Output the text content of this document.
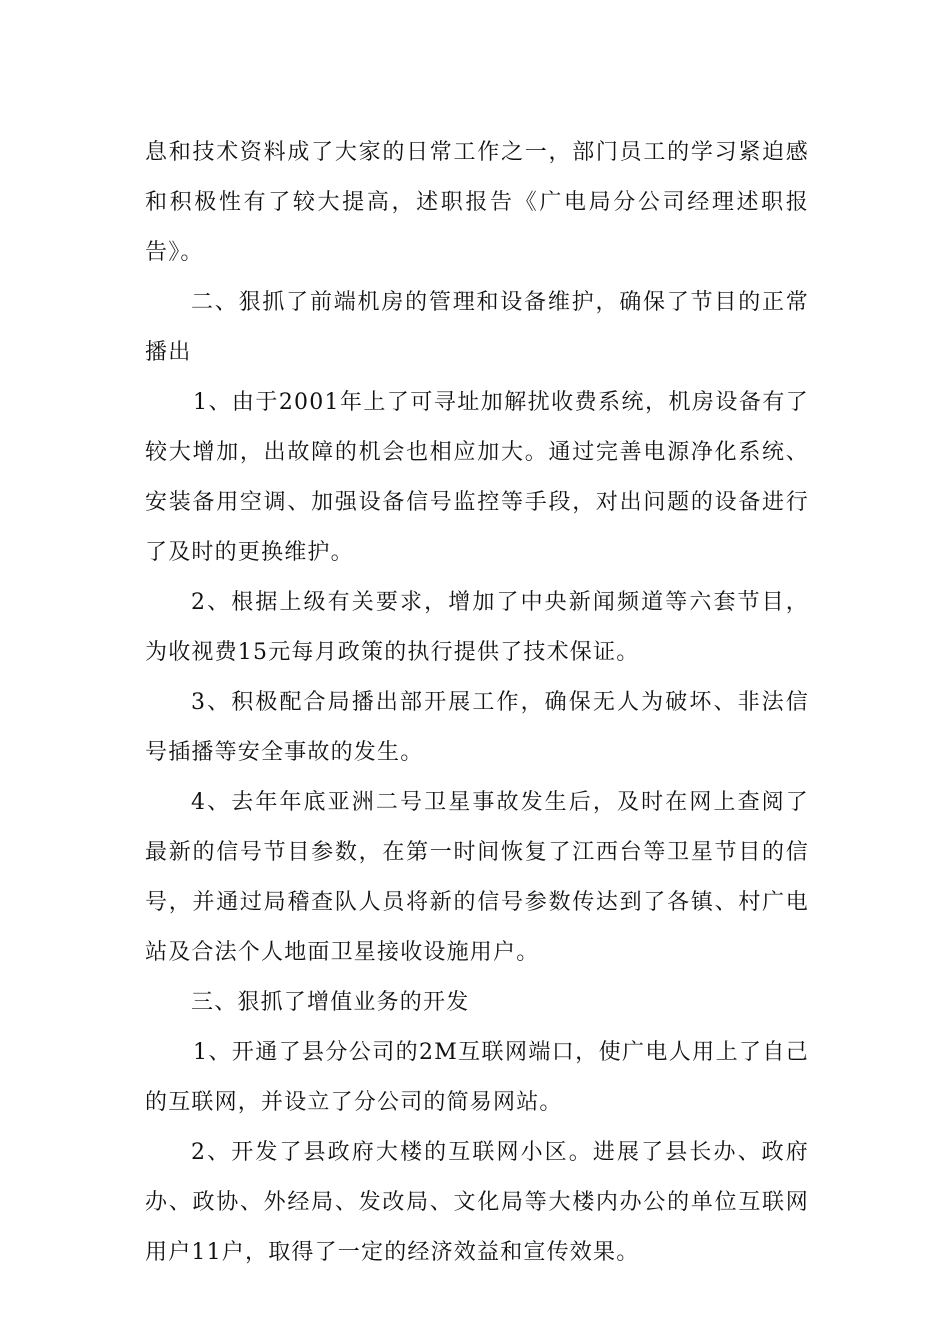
息和技术资料成了大家的日常工作之一，部门员工的学习紧迫感和积极性有了较大提高，述职报告《广电局分公司经理述职报告》。

二、狠抓了前端机房的管理和设备维护，确保了节目的正常播出

1、由于2001年上了可寻址加解扰收费系统，机房设备有了较大增加，出故障的机会也相应加大。通过完善电源净化系统、安装备用空调、加强设备信号监控等手段，对出问题的设备进行了及时的更换维护。

2、根据上级有关要求，增加了中央新闻频道等六套节目，为收视费15元每月政策的执行提供了技术保证。

3、积极配合局播出部开展工作，确保无人为破坏、非法信号插播等安全事故的发生。

4、去年年底亚洲二号卫星事故发生后，及时在网上查阅了最新的信号节目参数，在第一时间恢复了江西台等卫星节目的信号，并通过局稽查队人员将新的信号参数传达到了各镇、村广电站及合法个人地面卫星接收设施用户。

三、狠抓了增值业务的开发

1、开通了县分公司的2M互联网端口，使广电人用上了自己的互联网，并设立了分公司的简易网站。

2、开发了县政府大楼的互联网小区。进展了县长办、政府办、政协、外经局、发改局、文化局等大楼内办公的单位互联网用户11户，取得了一定的经济效益和宣传效果。
